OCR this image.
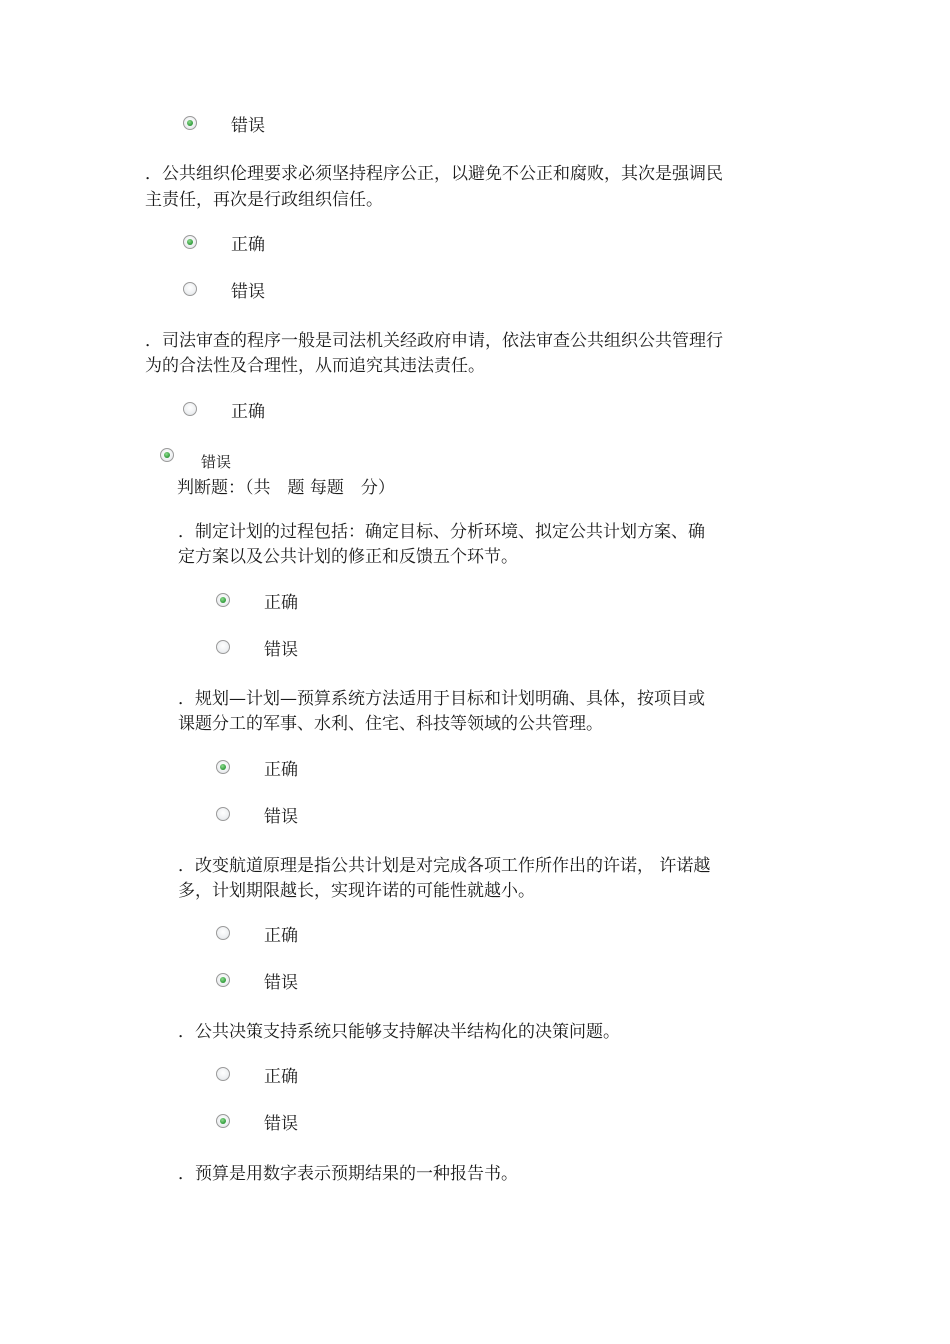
错误
．公共组织伦理要求必须坚持程序公正，以避免不公正和腐败，其次是强调民
主责任，再次是行政组织信任。
正确
错误
．司法审查的程序一般是司法机关经政府申请，依法审查公共组织公共管理行
为的合法性及合理性，从而追究其违法责任。
正确
错误
判断题：（共　题 每题　分）
．制定计划的过程包括：确定目标、分析环境、拟定公共计划方案、确
定方案以及公共计划的修正和反馈五个环节。
正确
错误
．规划—计划—预算系统方法适用于目标和计划明确、具体，按项目或
课题分工的军事、水利、住宅、科技等领域的公共管理。
正确
错误
．改变航道原理是指公共计划是对完成各项工作所作出的许诺， 许诺越
多，计划期限越长，实现许诺的可能性就越小。
正确
错误
．公共决策支持系统只能够支持解决半结构化的决策问题。
正确
错误
．预算是用数字表示预期结果的一种报告书。
